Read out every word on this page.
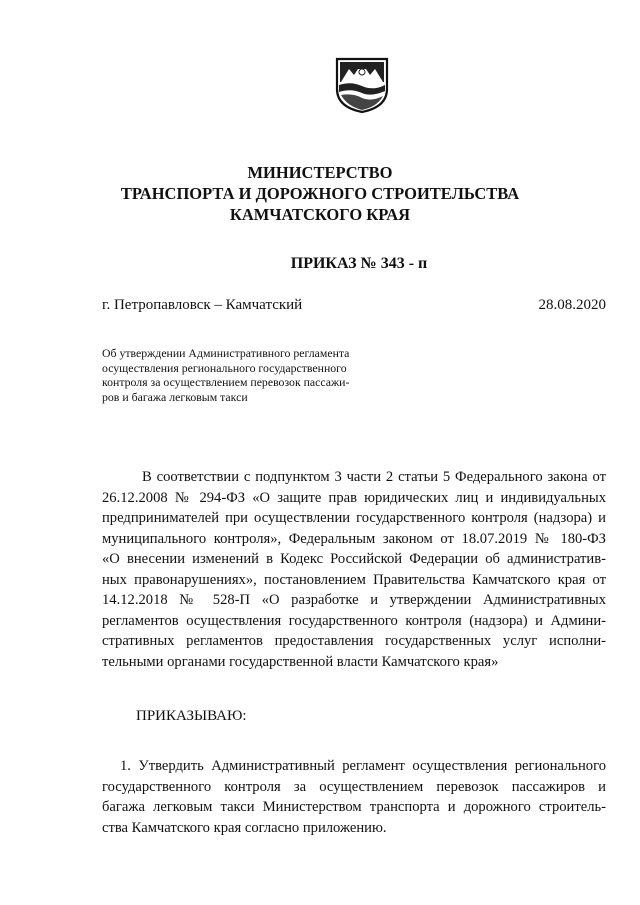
МИНИСТЕРСТВО
ТРАНСПОРТА И ДОРОЖНОГО СТРОИТЕЛЬСТВА
КАМЧАТСКОГО КРАЯ
ПРИКАЗ № 343 - п
г. Петропавловск – Камчатский	28.08.2020
Об утверждении Административного регламента
осуществления регионального государственного
контроля за осуществлением перевозок пассажи-
ров и багажа легковым такси
В соответствии с подпунктом 3 части 2 статьи 5 Федерального закона от
26.12.2008 № 294-ФЗ «О защите прав юридических лиц и индивидуальных
предпринимателей при осуществлении государственного контроля (надзора) и
муниципального контроля», Федеральным законом от 18.07.2019 № 180-ФЗ
«О внесении изменений в Кодекс Российской Федерации об административ-
ных правонарушениях», постановлением Правительства Камчатского края от
14.12.2018 № 528-П «О разработке и утверждении Административных
регламентов осуществления государственного контроля (надзора) и Админи-
стративных регламентов предоставления государственных услуг исполни-
тельными органами государственной власти Камчатского края»
ПРИКАЗЫВАЮ:
1. Утвердить Административный регламент осуществления регионального
государственного контроля за осуществлением перевозок пассажиров и
багажа легковым такси Министерством транспорта и дорожного строитель-
ства Камчатского края согласно приложению.
